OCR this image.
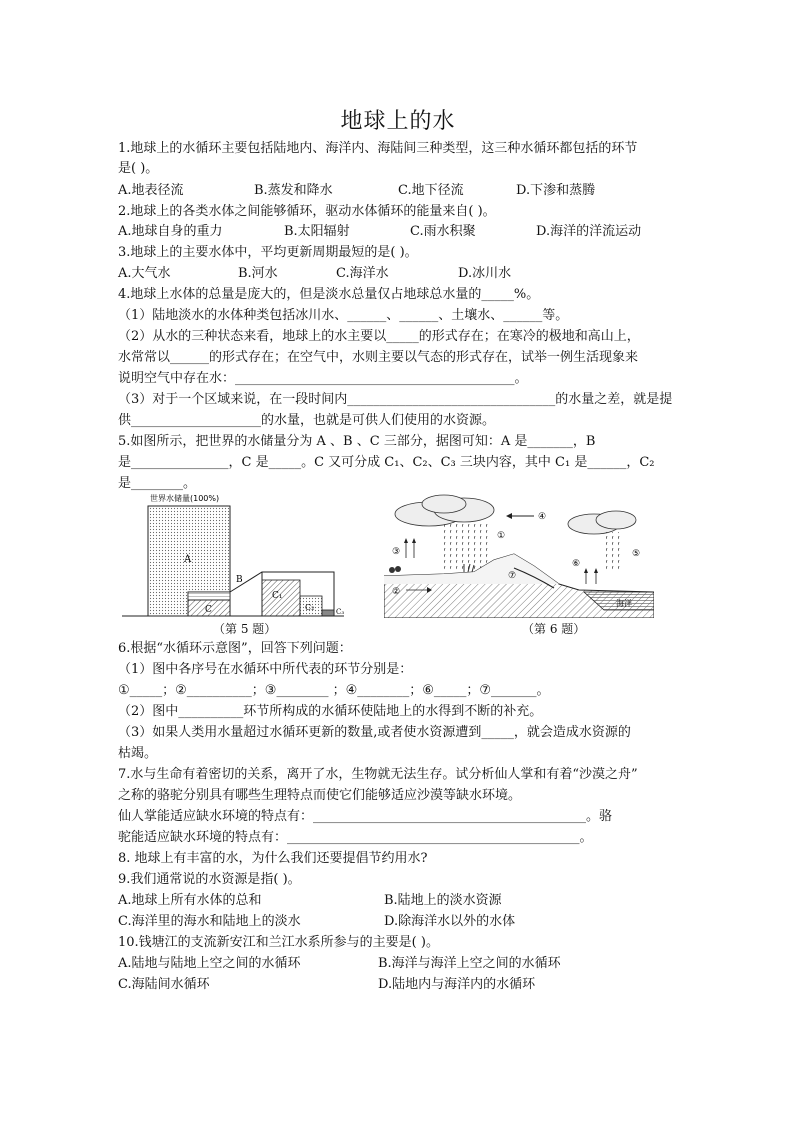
地球上的水
1.地球上的水循环主要包括陆地内、海洋内、海陆间三种类型，这三种水循环都包括的环节
是( )。
A.地表径流	B.蒸发和降水	C.地下径流	D.下渗和蒸腾
2.地球上的各类水体之间能够循环，驱动水体循环的能量来自( )。
A.地球自身的重力	B.太阳辐射	C.雨水积聚	D.海洋的洋流运动
3.地球上的主要水体中，平均更新周期最短的是( )。
A.大气水	B.河水	C.海洋水	D.冰川水
4.地球上水体的总量是庞大的，但是淡水总量仅占地球总水量的_____%。
（1）陆地淡水的水体种类包括冰川水、______、______、土壤水、______等。
（2）从水的三种状态来看，地球上的水主要以_____的形式存在；在寒冷的极地和高山上，
水常常以______的形式存在；在空气中，水则主要以气态的形式存在，试举一例生活现象来
说明空气中存在水：___________________________________________。
（3）对于一个区域来说，在一段时间内________________________________的水量之差，就是提
供____________________的水量，也就是可供人们使用的水资源。
5.如图所示，把世界的水储量分为 A 、B 、C 三部分，据图可知：A 是_______，B
是_______________，C 是_____。C 又可分成 C₁、C₂、C₃ 三块内容，其中 C₁ 是______，C₂
是________。
世界水储量(100%)
A
B
C
C₁
C₂	C₃
（第 5 题）
①
②
③
④
⑤
⑥
⑦
海洋
（第 6 题）
6.根据“水循环示意图”，回答下列问题：
（1）图中各序号在水循环中所代表的环节分别是：
①_____；②__________；③________ ；④________；⑥_____；⑦_______。
（2）图中__________环节所构成的水循环使陆地上的水得到不断的补充。
（3）如果人类用水量超过水循环更新的数量,或者使水资源遭到_____，就会造成水资源的
枯竭。
7.水与生命有着密切的关系，离开了水，生物就无法生存。试分析仙人掌和有着“沙漠之舟”
之称的骆驼分别具有哪些生理特点而使它们能够适应沙漠等缺水环境。
仙人掌能适应缺水环境的特点有：__________________________________________。骆
驼能适应缺水环境的特点有：_____________________________________________。
8. 地球上有丰富的水，为什么我们还要提倡节约用水?
9.我们通常说的水资源是指( )。
A.地球上所有水体的总和	B.陆地上的淡水资源
C.海洋里的海水和陆地上的淡水	D.除海洋水以外的水体
10.钱塘江的支流新安江和兰江水系所参与的主要是( )。
A.陆地与陆地上空之间的水循环	B.海洋与海洋上空之间的水循环
C.海陆间水循环	D.陆地内与海洋内的水循环
